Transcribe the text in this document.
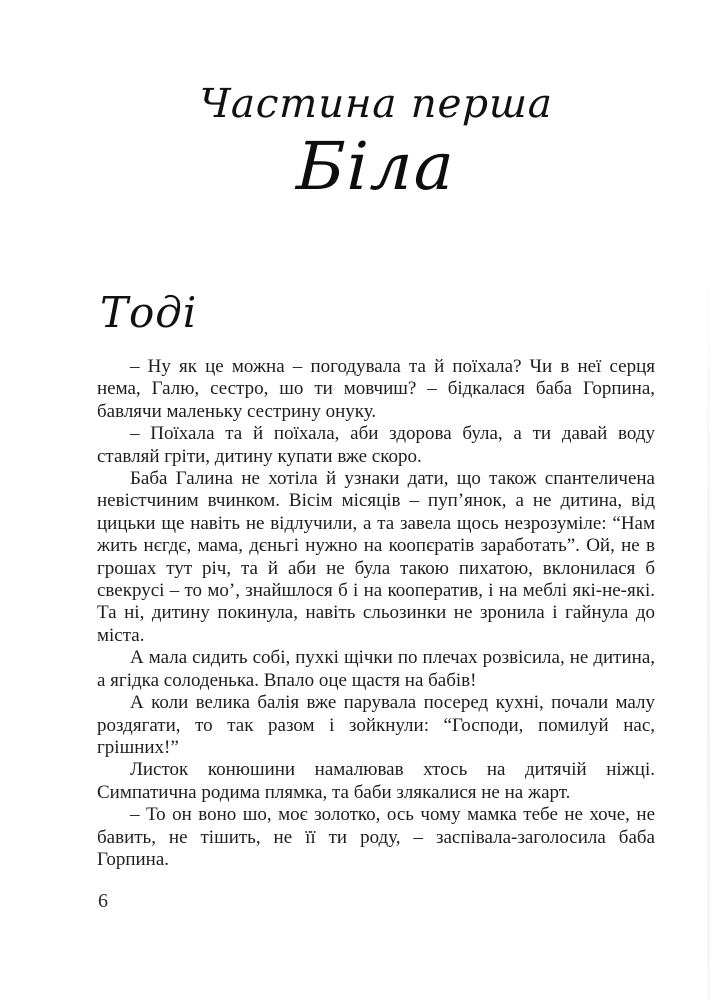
Частина перша
Біла
Тоді

– Ну як це можна – погодувала та й поїхала? Чи в неї серця нема, Галю, сестро, шо ти мовчиш? – бідкалася баба Горпина, бавлячи маленьку сестрину онуку.

– Поїхала та й поїхала, аби здорова була, а ти давай воду ставляй гріти, дитину купати вже скоро.

Баба Галина не хотіла й узнаки дати, що також спантеличена невістчиним вчинком. Вісім місяців – пуп’янок, а не дитина, від цицьки ще навіть не відлучили, а та завела щось незрозуміле: “Нам жить нєгдє, мама, дєньгі нужно на коопєратів заработать”. Ой, не в грошах тут річ, та й аби не була такою пихатою, вклонилася б свекрусі – то мо’, знайшлося б і на кооператив, і на меблі які-не-які. Та ні, дитину покинула, навіть сльозинки не зронила і гайнула до міста.

А мала сидить собі, пухкі щічки по плечах розвісила, не дитина, а ягідка солоденька. Впало оце щастя на бабів!

А коли велика балія вже парувала посеред кухні, почали малу роздягати, то так разом і зойкнули: “Господи, помилуй нас, грішних!”

Листок конюшини намалював хтось на дитячій ніжці. Симпатична родима плямка, та баби злякалися не на жарт.

– То он воно шо, моє золотко, ось чому мамка тебе не хоче, не бавить, не тішить, не її ти роду, – заспівала-заголосила баба Горпина.

6
